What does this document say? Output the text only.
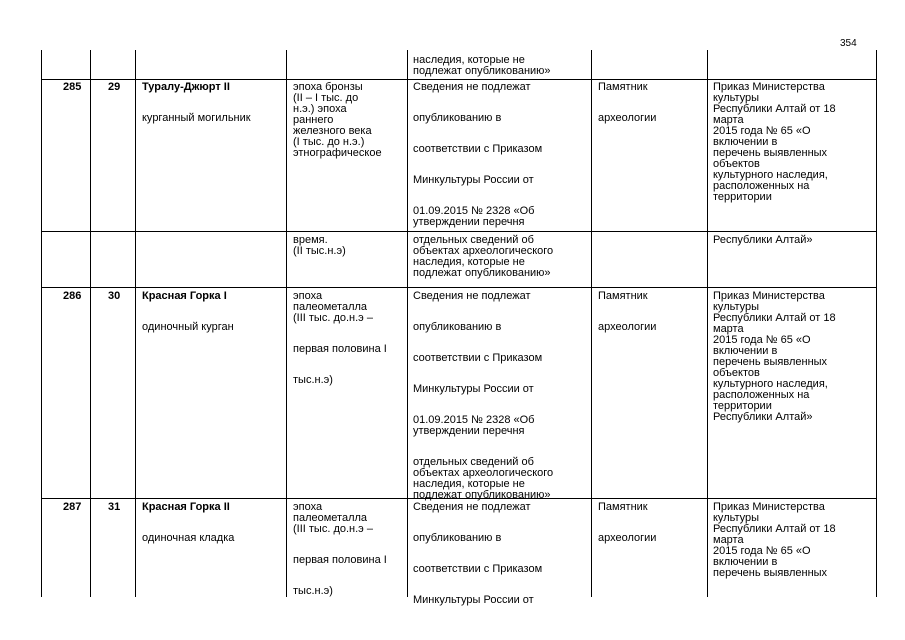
354
наследия, которые не
подлежат опубликованию»
285 29 Туралу-Джюрт II
курганный могильник
эпоха бронзы
(II – I тыс. до
н.э.) эпоха
раннего
железного века
(I тыс. до н.э.)
этнографическое
Сведения не подлежат
опубликованию в
соответствии с Приказом
Минкультуры России от
01.09.2015 № 2328 «Об
утверждении перечня
Памятник
археологии
Приказ Министерства
культуры
Республики Алтай от 18
марта
2015 года № 65 «О
включении в
перечень выявленных
объектов
культурного наследия,
расположенных на
территории
время.
(II тыс.н.э)
отдельных сведений об
объектах археологического
наследия, которые не
подлежат опубликованию»
Республики Алтай»
286 30 Красная Горка I
одиночный курган
эпоха
палеометалла
(III тыс. до.н.э –
первая половина I
тыс.н.э)
Сведения не подлежат
опубликованию в
соответствии с Приказом
Минкультуры России от
01.09.2015 № 2328 «Об
утверждении перечня
отдельных сведений об
объектах археологического
наследия, которые не
подлежат опубликованию»
Памятник
археологии
Приказ Министерства
культуры
Республики Алтай от 18
марта
2015 года № 65 «О
включении в
перечень выявленных
объектов
культурного наследия,
расположенных на
территории
Республики Алтай»
287 31 Красная Горка II
одиночная кладка
эпоха
палеометалла
(III тыс. до.н.э –
первая половина I
тыс.н.э)
Сведения не подлежат
опубликованию в
соответствии с Приказом
Минкультуры России от
Памятник
археологии
Приказ Министерства
культуры
Республики Алтай от 18
марта
2015 года № 65 «О
включении в
перечень выявленных
